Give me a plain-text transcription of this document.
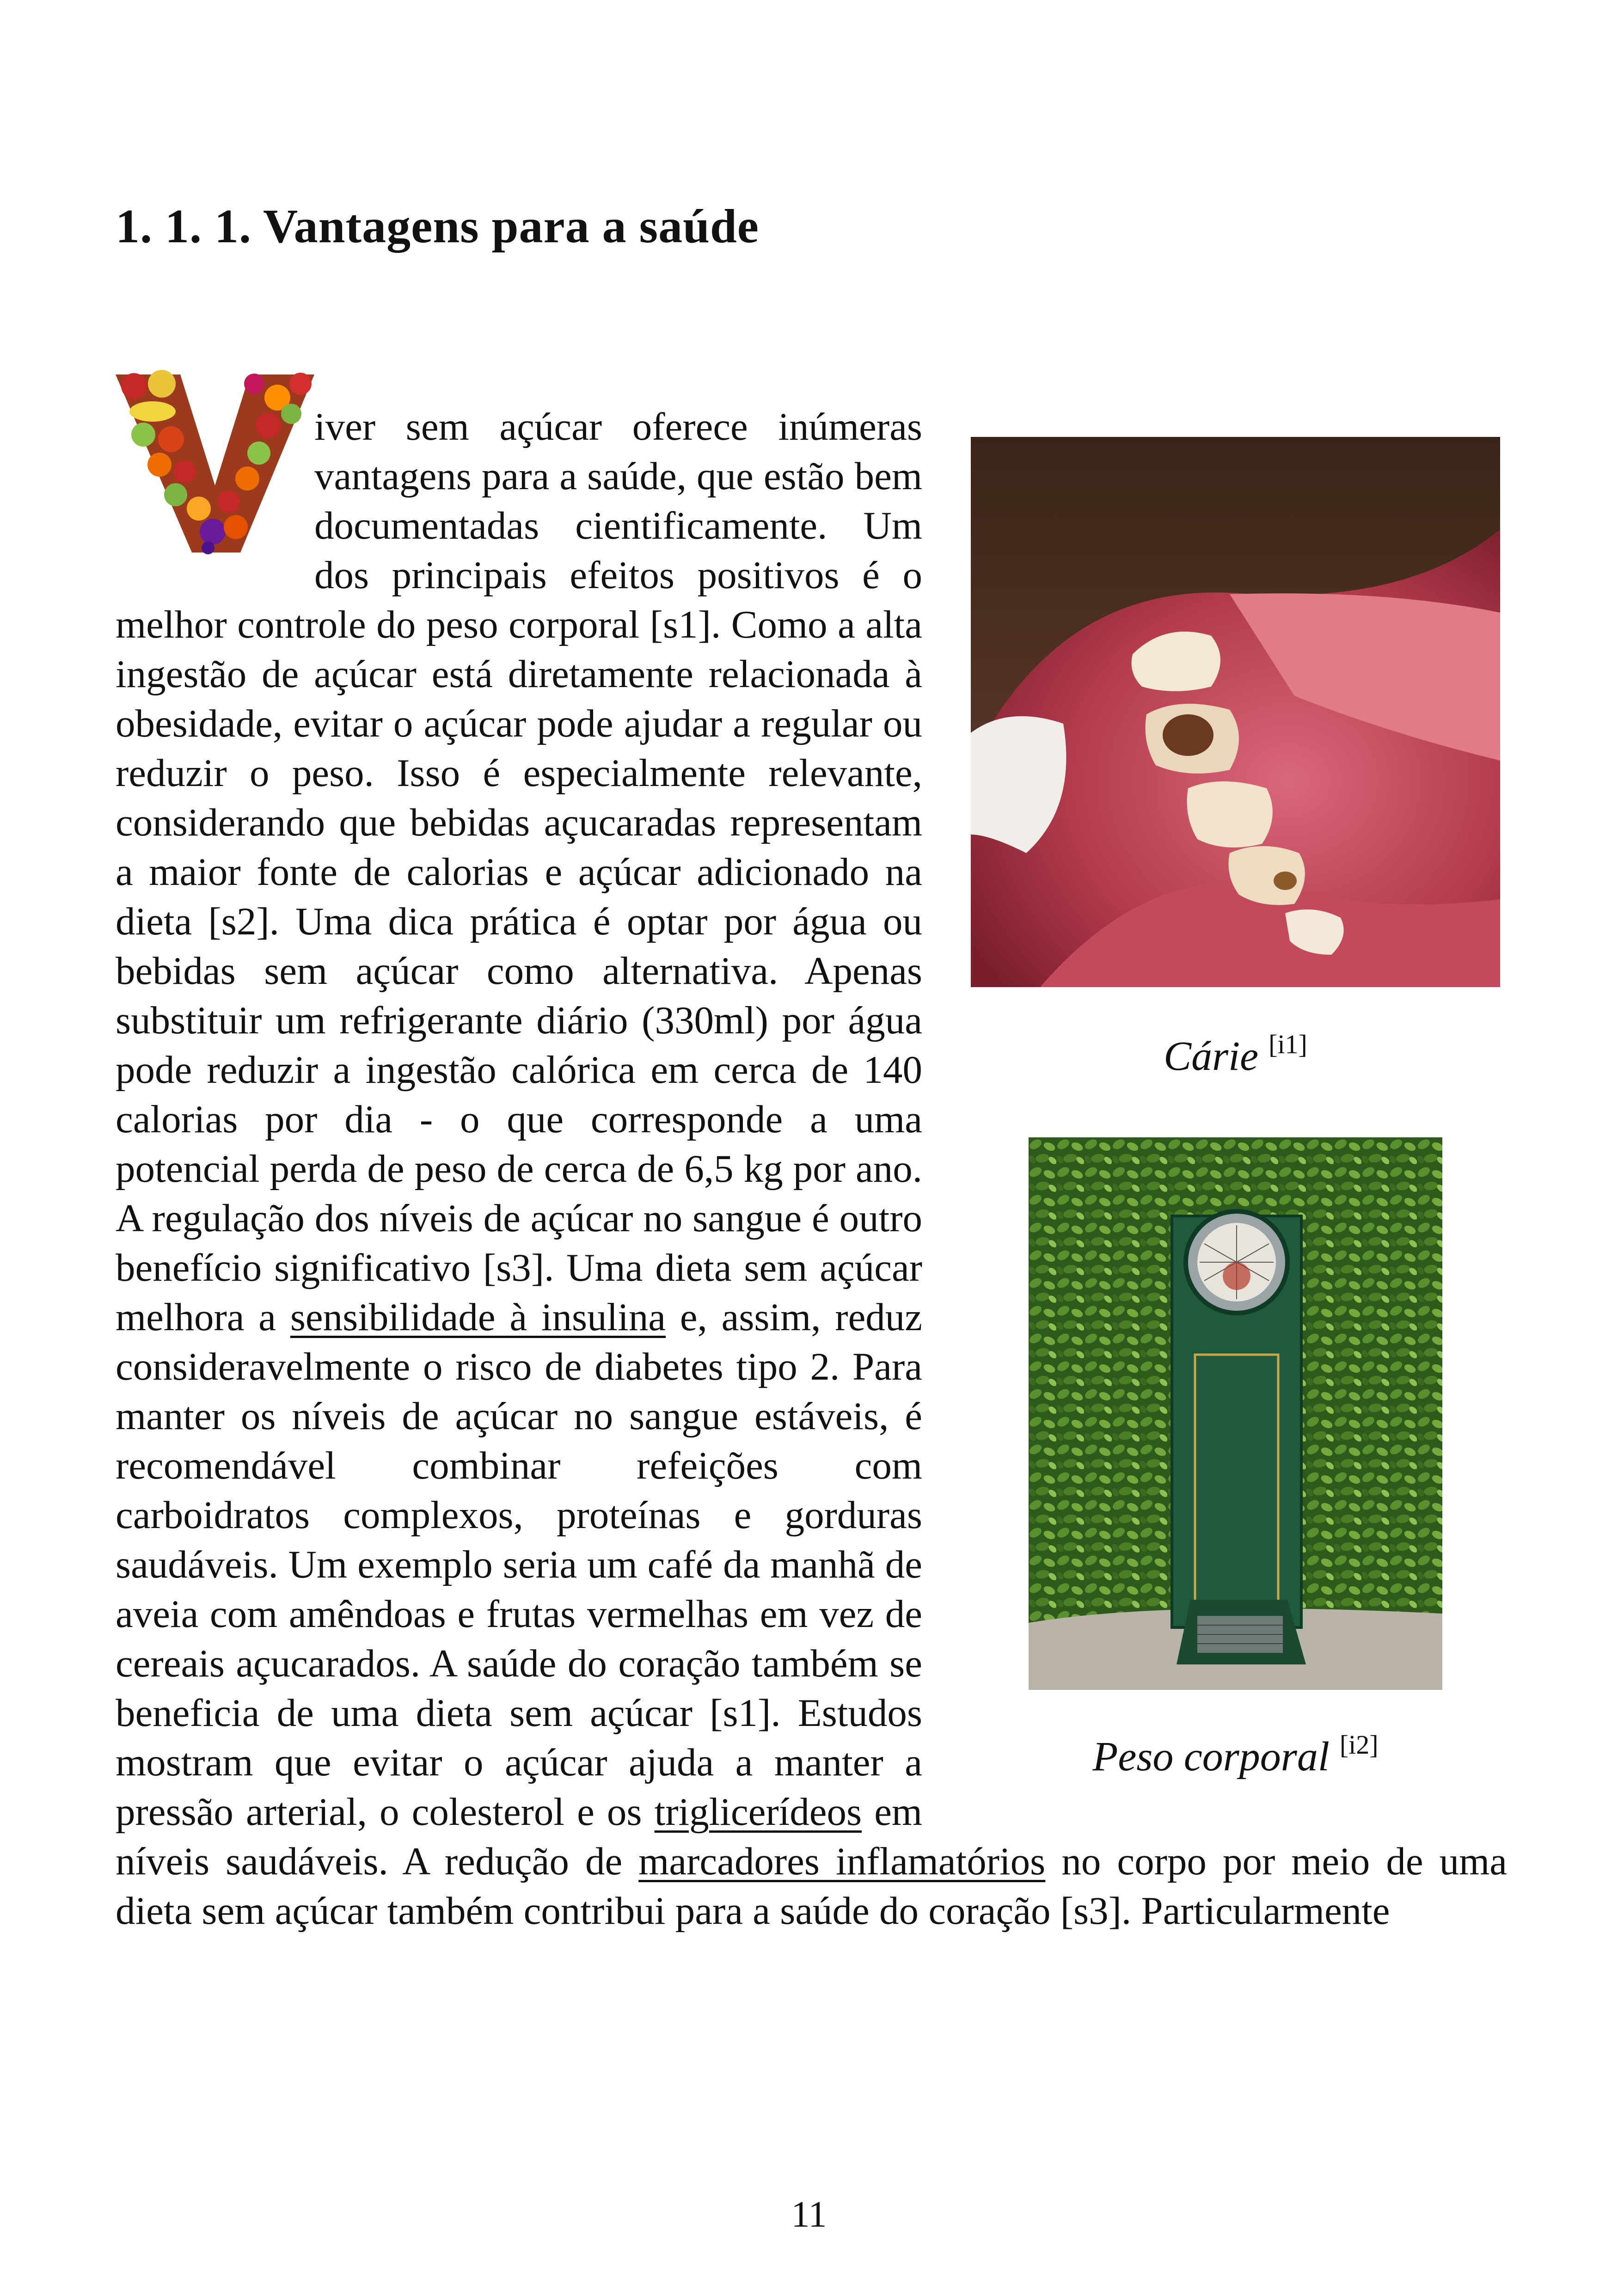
1. 1. 1. Vantagens para a saúde
iver sem açúcar oferece inúmeras vantagens para a saúde, que estão bem documentadas cientificamente. Um dos principais efeitos positivos é o melhor controle do peso corporal [s1]. Como a alta ingestão de açúcar está diretamente relacionada à obesidade, evitar o açúcar pode ajudar a regular ou reduzir o peso. Isso é especialmente relevante, considerando que bebidas açucaradas representam a maior fonte de calorias e açúcar adicionado na dieta [s2]. Uma dica prática é optar por água ou bebidas sem açúcar como alternativa. Apenas substituir um refrigerante diário (330ml) por água pode reduzir a ingestão calórica em cerca de 140 calorias por dia - o que corresponde a uma potencial perda de peso de cerca de 6,5 kg por ano. A regulação dos níveis de açúcar no sangue é outro benefício significativo [s3]. Uma dieta sem açúcar melhora a sensibilidade à insulina e, assim, reduz consideravelmente o risco de diabetes tipo 2. Para manter os níveis de açúcar no sangue estáveis, é recomendável combinar refeições com carboidratos complexos, proteínas e gorduras saudáveis. Um exemplo seria um café da manhã de aveia com amêndoas e frutas vermelhas em vez de cereais açucarados. A saúde do coração também se beneficia de uma dieta sem açúcar [s1]. Estudos mostram que evitar o açúcar ajuda a manter a pressão arterial, o colesterol e os triglicerídeos em níveis saudáveis. A redução de marcadores inflamatórios no corpo por meio de uma dieta sem açúcar também contribui para a saúde do coração [s3]. Particularmente
Cárie [i1]
Peso corporal [i2]
11
